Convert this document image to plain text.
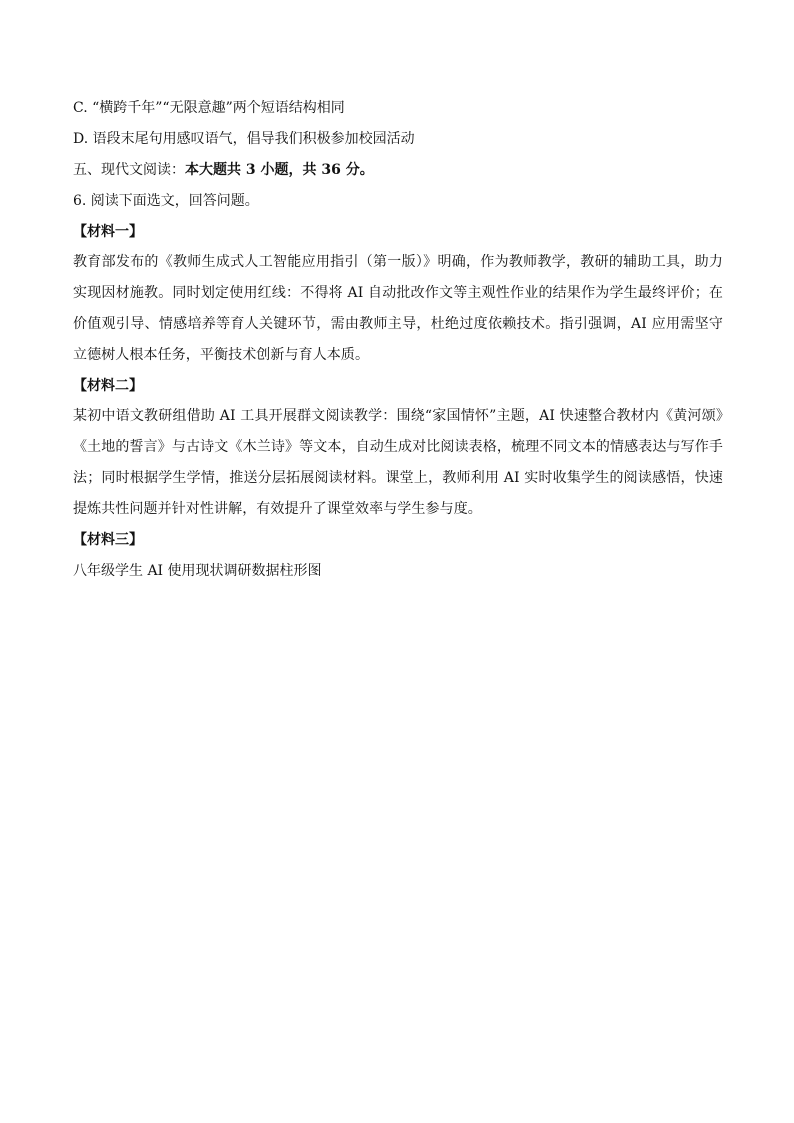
C. “横跨千年”“无限意趣”两个短语结构相同

D. 语段末尾句用感叹语气，倡导我们积极参加校园活动

五、现代文阅读：本大题共 3 小题，共 36 分。

6. 阅读下面选文，回答问题。

【材料一】

教育部发布的《教师生成式人工智能应用指引（第一版）》明确，作为教师教学，教研的辅助工具，助力实现因材施教。同时划定使用红线：不得将 AI 自动批改作文等主观性作业的结果作为学生最终评价；在价值观引导、情感培养等育人关键环节，需由教师主导，杜绝过度依赖技术。指引强调，AI 应用需坚守立德树人根本任务，平衡技术创新与育人本质。

【材料二】

某初中语文教研组借助 AI 工具开展群文阅读教学：围绕“家国情怀”主题，AI 快速整合教材内《黄河颂》《土地的誓言》与古诗文《木兰诗》等文本，自动生成对比阅读表格，梳理不同文本的情感表达与写作手法；同时根据学生学情，推送分层拓展阅读材料。课堂上，教师利用 AI 实时收集学生的阅读感悟，快速提炼共性问题并针对性讲解，有效提升了课堂效率与学生参与度。

【材料三】

八年级学生 AI 使用现状调研数据柱形图
